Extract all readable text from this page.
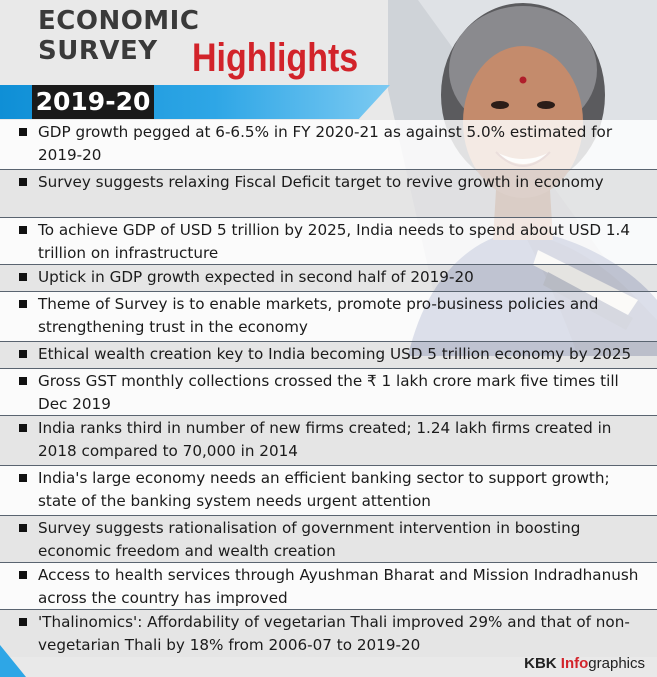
ECONOMIC
SURVEY Highlights
2019-20
GDP growth pegged at 6-6.5% in FY 2020-21 as against 5.0% estimated for 2019-20
Survey suggests relaxing Fiscal Deficit target to revive growth in economy
To achieve GDP of USD 5 trillion by 2025, India needs to spend about USD 1.4 trillion on infrastructure
Uptick in GDP growth expected in second half of 2019-20
Theme of Survey is to enable markets, promote pro-business policies and strengthening trust in the economy
Ethical wealth creation key to India becoming USD 5 trillion economy by 2025
Gross GST monthly collections crossed the ₹ 1 lakh crore mark five times till Dec 2019
India ranks third in number of new firms created; 1.24 lakh firms created in 2018 compared to 70,000 in 2014
India's large economy needs an efficient banking sector to support growth; state of the banking system needs urgent attention
Survey suggests rationalisation of government intervention in boosting economic freedom and wealth creation
Access to health services through Ayushman Bharat and Mission Indradhanush across the country has improved
'Thalinomics': Affordability of vegetarian Thali improved 29% and that of non-vegetarian Thali by 18% from 2006-07 to 2019-20
KBK Infographics
